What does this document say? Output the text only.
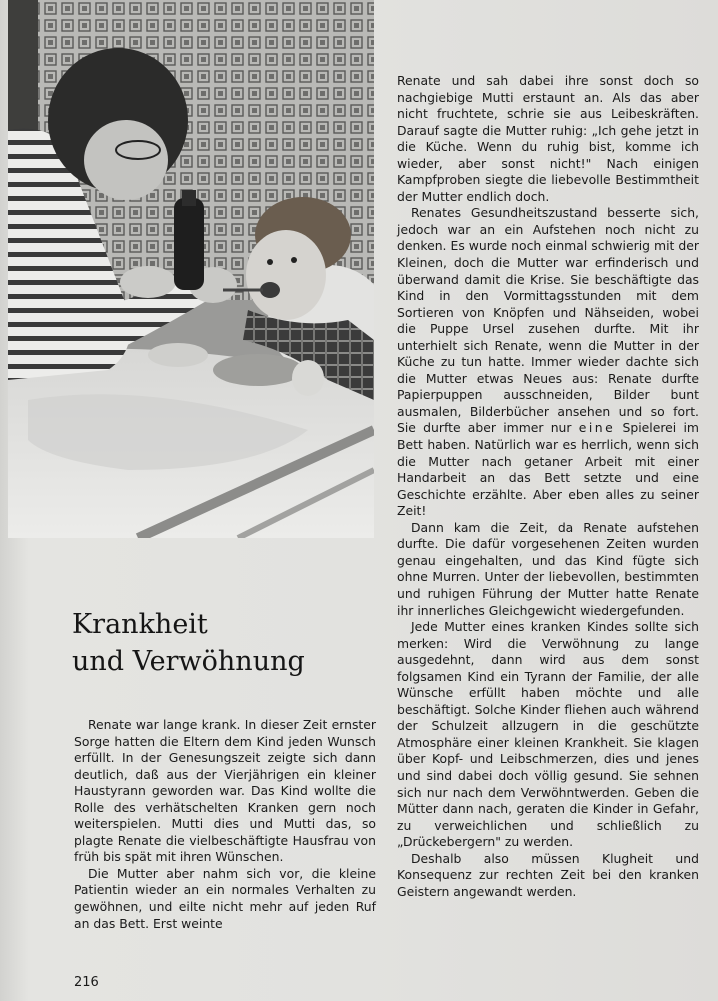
Krankheit
und Verwöhnung

Renate war lange krank. In dieser Zeit ernster Sorge hatten die Eltern dem Kind jeden Wunsch erfüllt. In der Genesungszeit zeigte sich dann deutlich, daß aus der Vierjährigen ein kleiner Haustyrann geworden war. Das Kind wollte die Rolle des verhätschelten Kranken gern noch weiterspielen. Mutti dies und Mutti das, so plagte Renate die vielbeschäftigte Hausfrau von früh bis spät mit ihren Wünschen.

Die Mutter aber nahm sich vor, die kleine Patientin wieder an ein normales Verhalten zu gewöhnen, und eilte nicht mehr auf jeden Ruf an das Bett. Erst weinte

Renate und sah dabei ihre sonst doch so nachgiebige Mutti erstaunt an. Als das aber nicht fruchtete, schrie sie aus Leibeskräften. Darauf sagte die Mutter ruhig: „Ich gehe jetzt in die Küche. Wenn du ruhig bist, komme ich wieder, aber sonst nicht!" Nach einigen Kampfproben siegte die liebevolle Bestimmtheit der Mutter endlich doch.

Renates Gesundheitszustand besserte sich, jedoch war an ein Aufstehen noch nicht zu denken. Es wurde noch einmal schwierig mit der Kleinen, doch die Mutter war erfinderisch und überwand damit die Krise. Sie beschäftigte das Kind in den Vormittagsstunden mit dem Sortieren von Knöpfen und Nähseiden, wobei die Puppe Ursel zusehen durfte. Mit ihr unterhielt sich Renate, wenn die Mutter in der Küche zu tun hatte. Immer wieder dachte sich die Mutter etwas Neues aus: Renate durfte Papierpuppen ausschneiden, Bilder bunt ausmalen, Bilderbücher ansehen und so fort. Sie durfte aber immer nur eine Spielerei im Bett haben. Natürlich war es herrlich, wenn sich die Mutter nach getaner Arbeit mit einer Handarbeit an das Bett setzte und eine Geschichte erzählte. Aber eben alles zu seiner Zeit!

Dann kam die Zeit, da Renate aufstehen durfte. Die dafür vorgesehenen Zeiten wurden genau eingehalten, und das Kind fügte sich ohne Murren. Unter der liebevollen, bestimmten und ruhigen Führung der Mutter hatte Renate ihr innerliches Gleichgewicht wiedergefunden.

Jede Mutter eines kranken Kindes sollte sich merken: Wird die Verwöhnung zu lange ausgedehnt, dann wird aus dem sonst folgsamen Kind ein Tyrann der Familie, der alle Wünsche erfüllt haben möchte und alle beschäftigt. Solche Kinder fliehen auch während der Schulzeit allzugern in die geschützte Atmosphäre einer kleinen Krankheit. Sie klagen über Kopf- und Leibschmerzen, dies und jenes und sind dabei doch völlig gesund. Sie sehnen sich nur nach dem Verwöhntwerden. Geben die Mütter dann nach, geraten die Kinder in Gefahr, zu verweichlichen und schließlich zu „Drückebergern" zu werden.

Deshalb also müssen Klugheit und Konsequenz zur rechten Zeit bei den kranken Geistern angewandt werden.

216
